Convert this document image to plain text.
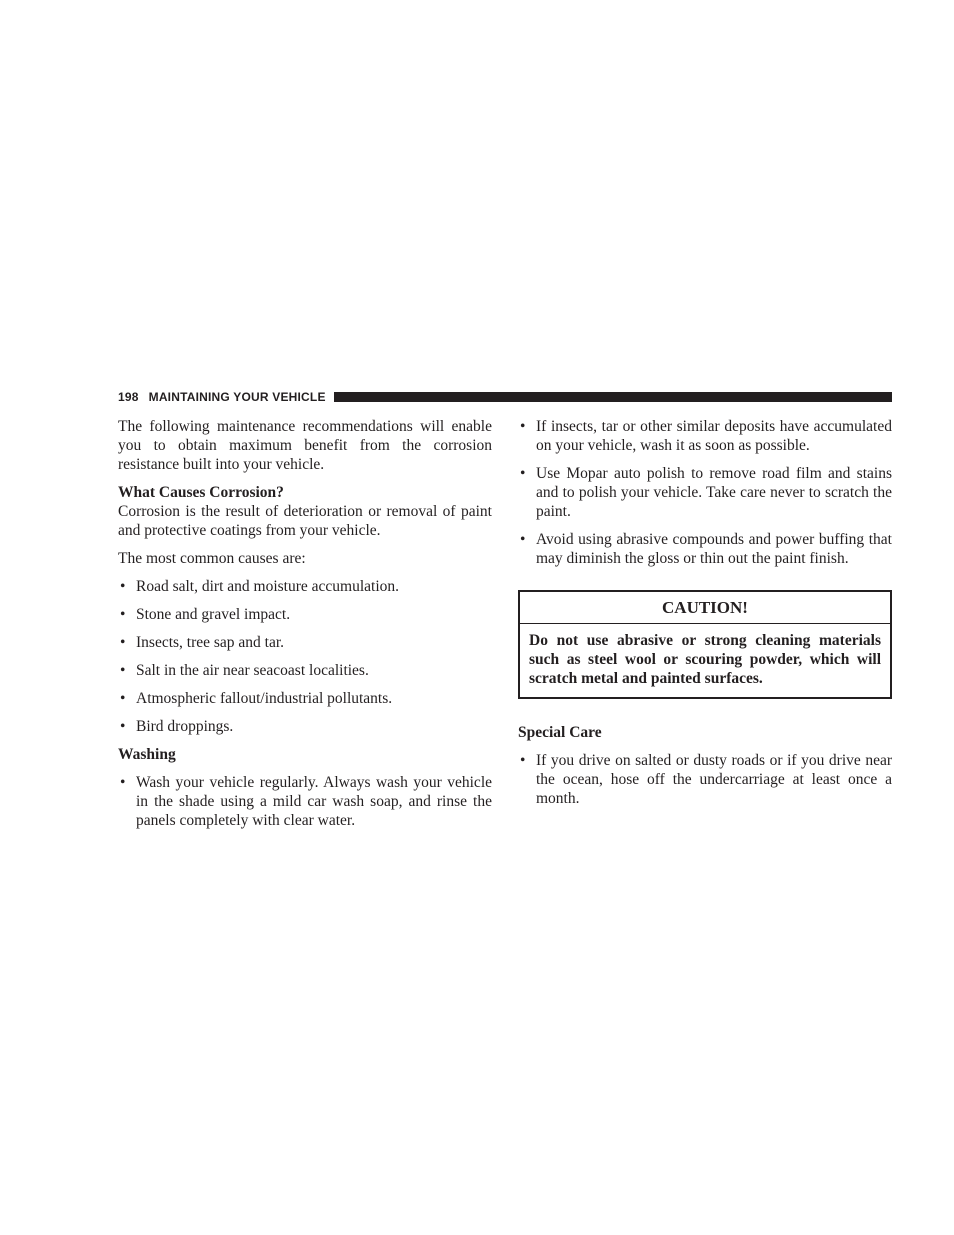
198 MAINTAINING YOUR VEHICLE

The following maintenance recommendations will enable you to obtain maximum benefit from the corrosion resistance built into your vehicle.

What Causes Corrosion?

Corrosion is the result of deterioration or removal of paint and protective coatings from your vehicle.

The most common causes are:

• Road salt, dirt and moisture accumulation.
• Stone and gravel impact.
• Insects, tree sap and tar.
• Salt in the air near seacoast localities.
• Atmospheric fallout/industrial pollutants.
• Bird droppings.

Washing

• Wash your vehicle regularly. Always wash your vehicle in the shade using a mild car wash soap, and rinse the panels completely with clear water.
• If insects, tar or other similar deposits have accumulated on your vehicle, wash it as soon as possible.
• Use Mopar auto polish to remove road film and stains and to polish your vehicle. Take care never to scratch the paint.
• Avoid using abrasive compounds and power buffing that may diminish the gloss or thin out the paint finish.
CAUTION!
Do not use abrasive or strong cleaning materials such as steel wool or scouring powder, which will scratch metal and painted surfaces.

Special Care

• If you drive on salted or dusty roads or if you drive near the ocean, hose off the undercarriage at least once a month.
